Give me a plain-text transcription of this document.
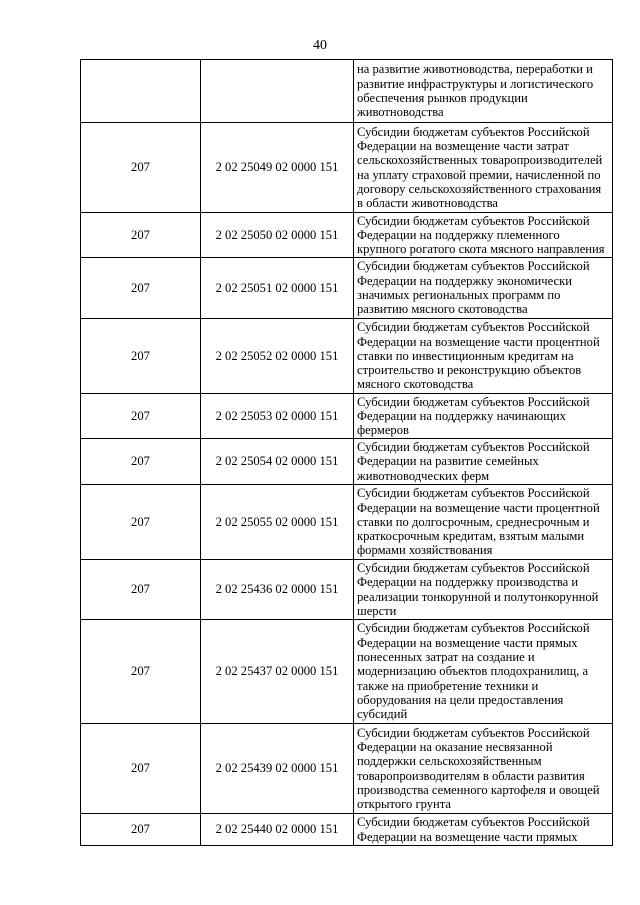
40
		на развитие животноводства, переработки и развитие инфраструктуры и логистического обеспечения рынков продукции животноводства
207	2 02 25049 02 0000 151	Субсидии бюджетам субъектов Российской Федерации на возмещение части затрат сельскохозяйственных товаропроизводителей на уплату страховой премии, начисленной по договору сельскохозяйственного страхования в области животноводства
207	2 02 25050 02 0000 151	Субсидии бюджетам субъектов Российской Федерации на поддержку племенного крупного рогатого скота мясного направления
207	2 02 25051 02 0000 151	Субсидии бюджетам субъектов Российской Федерации на поддержку экономически значимых региональных программ по развитию мясного скотоводства
207	2 02 25052 02 0000 151	Субсидии бюджетам субъектов Российской Федерации на возмещение части процентной ставки по инвестиционным кредитам на строительство и реконструкцию объектов мясного скотоводства
207	2 02 25053 02 0000 151	Субсидии бюджетам субъектов Российской Федерации на поддержку начинающих фермеров
207	2 02 25054 02 0000 151	Субсидии бюджетам субъектов Российской Федерации на развитие семейных животноводческих ферм
207	2 02 25055 02 0000 151	Субсидии бюджетам субъектов Российской Федерации на возмещение части процентной ставки по долгосрочным, среднесрочным и краткосрочным кредитам, взятым малыми формами хозяйствования
207	2 02 25436 02 0000 151	Субсидии бюджетам субъектов Российской Федерации на поддержку производства и реализации тонкорунной и полутонкорунной шерсти
207	2 02 25437 02 0000 151	Субсидии бюджетам субъектов Российской Федерации на возмещение части прямых понесенных затрат на создание и модернизацию объектов плодохранилищ, а также на приобретение техники и оборудования на цели предоставления субсидий
207	2 02 25439 02 0000 151	Субсидии бюджетам субъектов Российской Федерации на оказание несвязанной поддержки сельскохозяйственным товаропроизводителям в области развития производства семенного картофеля и овощей открытого грунта
207	2 02 25440 02 0000 151	Субсидии бюджетам субъектов Российской Федерации на возмещение части прямых
